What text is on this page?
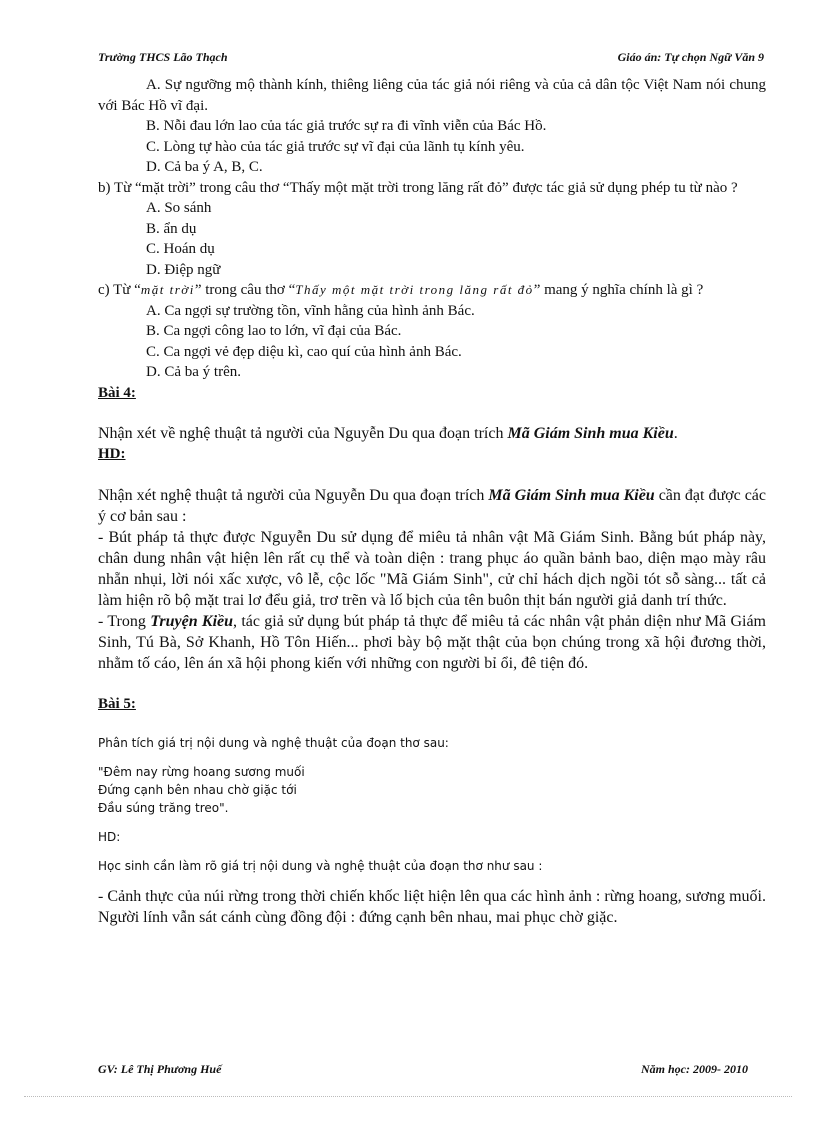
Trường THCS Lão Thạch	Giáo án: Tự chọn Ngữ Văn 9

A. Sự ngưỡng mộ thành kính, thiêng liêng của tác giả nói riêng và của cả dân tộc Việt Nam nói chung với Bác Hồ vĩ đại.

B. Nỗi đau lớn lao của tác giả trước sự ra đi vĩnh viễn của Bác Hồ.

C. Lòng tự hào của tác giả trước sự vĩ đại của lãnh tụ kính yêu.

D. Cả ba ý A, B, C.

b) Từ “mặt trời” trong câu thơ “Thấy một mặt trời trong lăng rất đỏ” được tác giả sử dụng phép tu từ nào ?

A. So sánh

B. ẩn dụ

C. Hoán dụ

D. Điệp ngữ

c) Từ “mặt trời” trong câu thơ “Thấy một mặt trời trong lăng rất đỏ” mang ý nghĩa chính là gì ?

A. Ca ngợi sự trường tồn, vĩnh hằng của hình ảnh Bác.

B. Ca ngợi công lao to lớn, vĩ đại của Bác.

C. Ca ngợi vẻ đẹp diệu kì, cao quí của hình ảnh Bác.

D. Cả ba ý trên.

Bài 4:

Nhận xét về nghệ thuật tả người của Nguyễn Du qua đoạn trích Mã Giám Sinh mua Kiều.

HD:

Nhận xét nghệ thuật tả người của Nguyễn Du qua đoạn trích Mã Giám Sinh mua Kiều cần đạt được các ý cơ bản sau :

- Bút pháp tả thực được Nguyễn Du sử dụng để miêu tả nhân vật Mã Giám Sinh. Bằng bút pháp này, chân dung nhân vật hiện lên rất cụ thể và toàn diện : trang phục áo quần bảnh bao, diện mạo mày râu nhẵn nhụi, lời nói xấc xược, vô lễ, cộc lốc "Mã Giám Sinh", cử chỉ hách dịch ngồi tót sỗ sàng... tất cả làm hiện rõ bộ mặt trai lơ đểu giả, trơ trẽn và lố bịch của tên buôn thịt bán người giả danh trí thức.

- Trong Truyện Kiều, tác giả sử dụng bút pháp tả thực để miêu tả các nhân vật phản diện như Mã Giám Sinh, Tú Bà, Sở Khanh, Hồ Tôn Hiến... phơi bày bộ mặt thật của bọn chúng trong xã hội đương thời, nhằm tố cáo, lên án xã hội phong kiến với những con người bỉ ổi, đê tiện đó.

Bài 5:

Phân tích giá trị nội dung và nghệ thuật của đoạn thơ sau:

"Đêm nay rừng hoang sương muối

Đứng cạnh bên nhau chờ giặc tới

Đầu súng trăng treo".

HD:

Học sinh cần làm rõ giá trị nội dung và nghệ thuật của đoạn thơ như sau :

- Cảnh thực của núi rừng trong thời chiến khốc liệt hiện lên qua các hình ảnh : rừng hoang, sương muối. Người lính vẫn sát cánh cùng đồng đội : đứng cạnh bên nhau, mai phục chờ giặc.

GV: Lê Thị Phương Huế	Năm học: 2009- 2010
